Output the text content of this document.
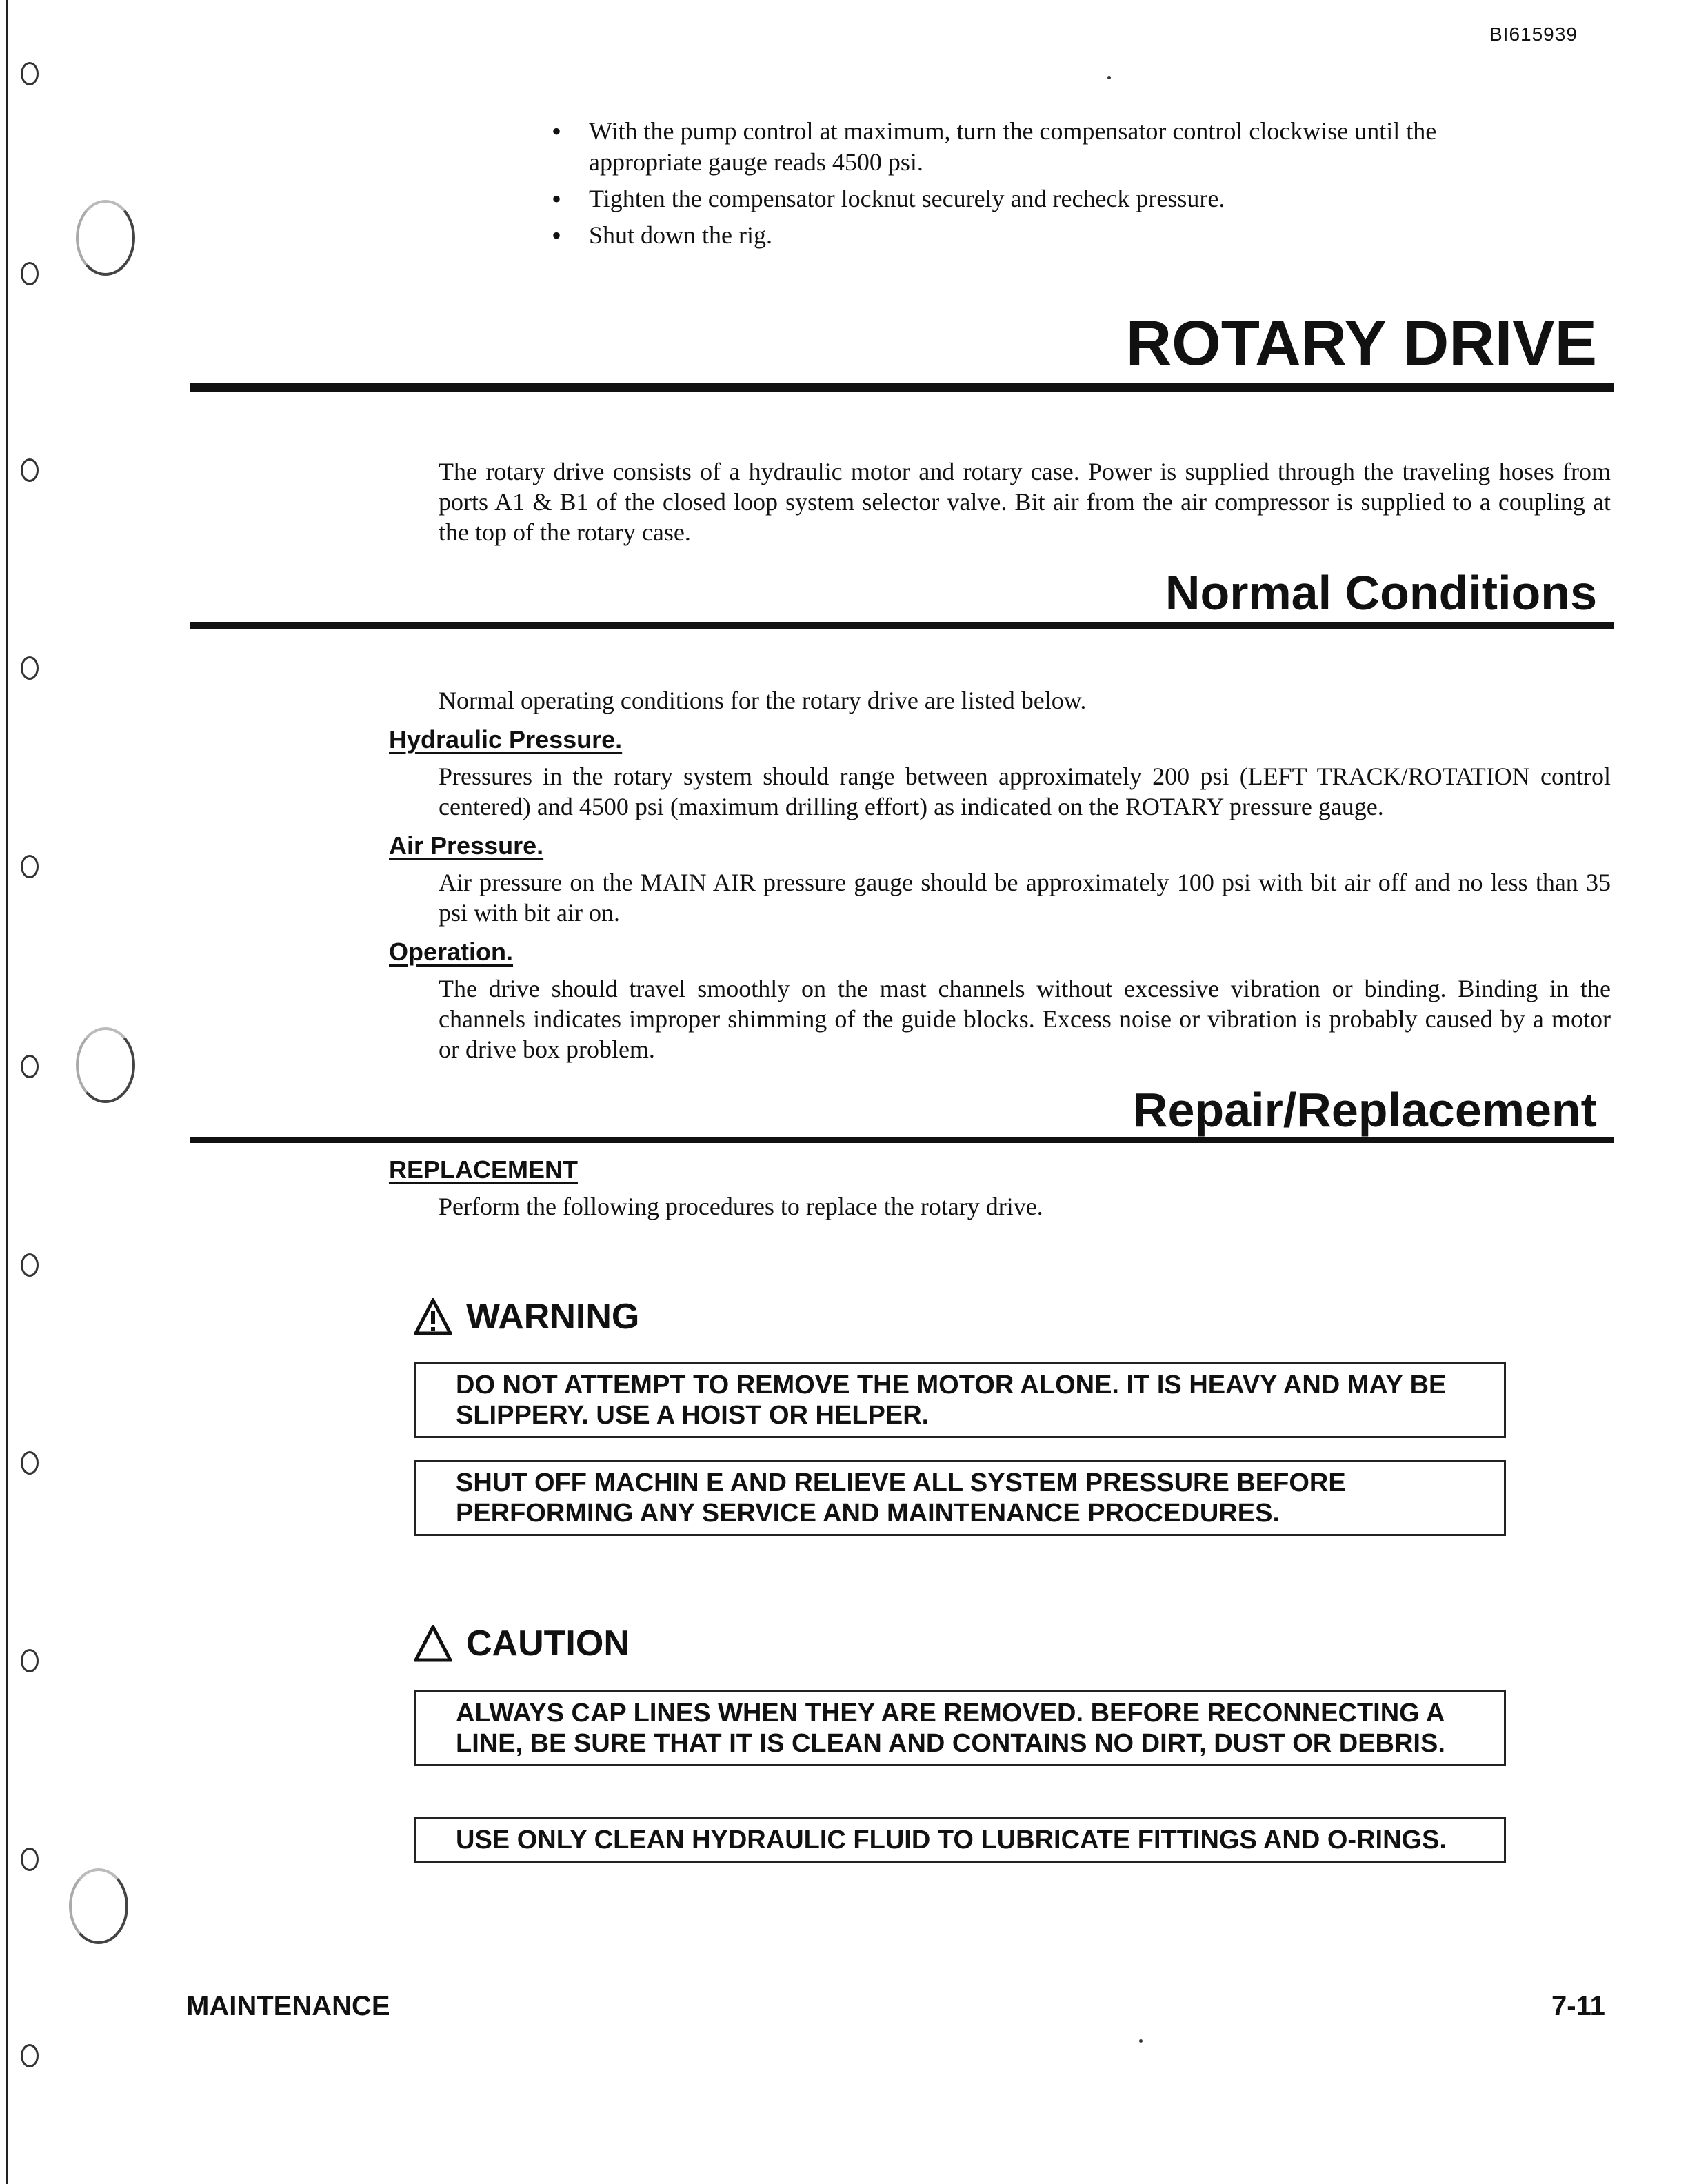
BI615939
• With the pump control at maximum, turn the compensator control clockwise until the appropriate gauge reads 4500 psi.
• Tighten the compensator locknut securely and recheck pressure.
• Shut down the rig.
ROTARY DRIVE

The rotary drive consists of a hydraulic motor and rotary case. Power is supplied through the traveling hoses from ports A1 & B1 of the closed loop system selector valve. Bit air from the air compressor is supplied to a coupling at the top of the rotary case.

Normal Conditions

Normal operating conditions for the rotary drive are listed below.

Hydraulic Pressure.

Pressures in the rotary system should range between approximately 200 psi (LEFT TRACK/ROTATION control centered) and 4500 psi (maximum drilling effort) as indicated on the ROTARY pressure gauge.

Air Pressure.

Air pressure on the MAIN AIR pressure gauge should be approximately 100 psi with bit air off and no less than 35 psi with bit air on.

Operation.

The drive should travel smoothly on the mast channels without excessive vibration or binding. Binding in the channels indicates improper shimming of the guide blocks. Excess noise or vibration is probably caused by a motor or drive box problem.

Repair/Replacement
REPLACEMENT

Perform the following procedures to replace the rotary drive.

WARNING
DO NOT ATTEMPT TO REMOVE THE MOTOR ALONE. IT IS HEAVY AND MAY BE SLIPPERY. USE A HOIST OR HELPER.
SHUT OFF MACHIN E AND RELIEVE ALL SYSTEM PRESSURE BEFORE PERFORMING ANY SERVICE AND MAINTENANCE PROCEDURES.
CAUTION
ALWAYS CAP LINES WHEN THEY ARE REMOVED. BEFORE RECONNECTING A LINE, BE SURE THAT IT IS CLEAN AND CONTAINS NO DIRT, DUST OR DEBRIS.
USE ONLY CLEAN HYDRAULIC FLUID TO LUBRICATE FITTINGS AND O-RINGS.
MAINTENANCE	7-11
